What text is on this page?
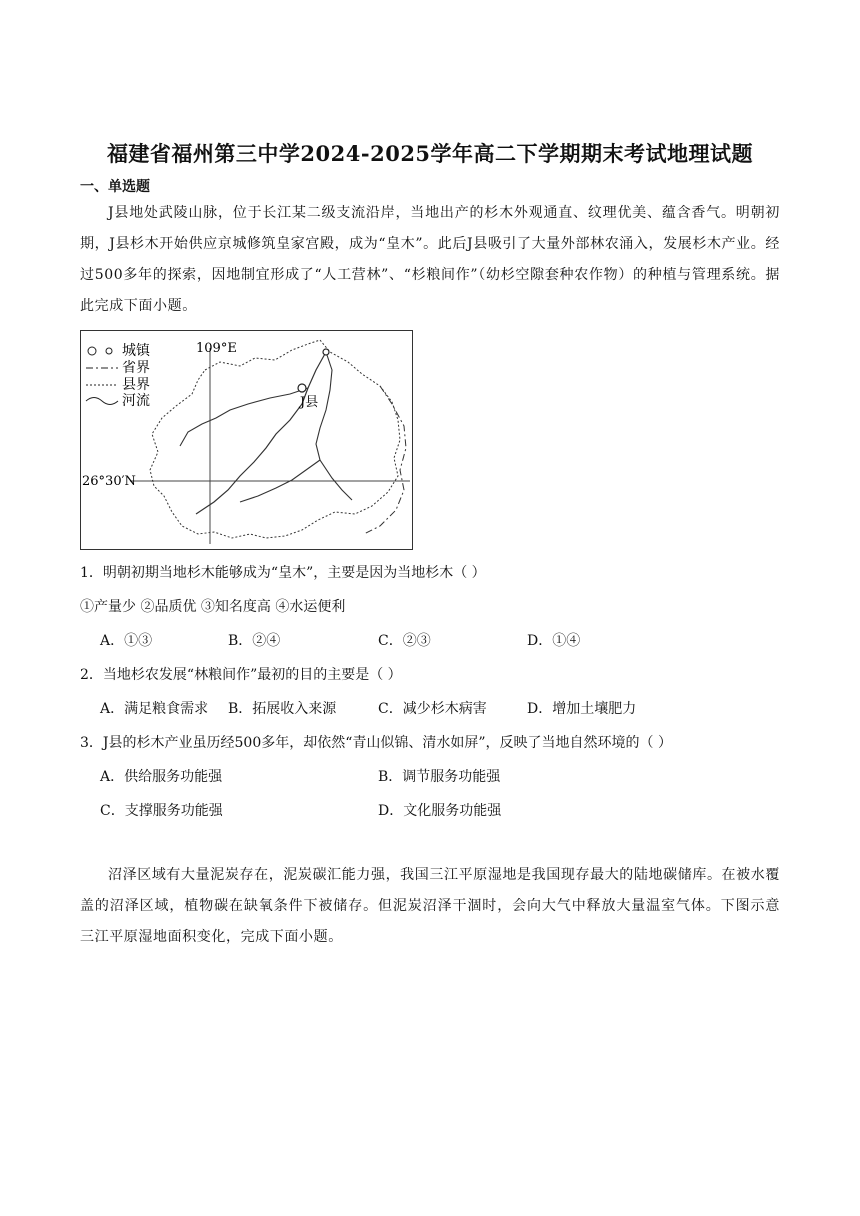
福建省福州第三中学2024-2025学年高二下学期期末考试地理试题
一、单选题
J县地处武陵山脉，位于长江某二级支流沿岸，当地出产的杉木外观通直、纹理优美、蕴含香气。明朝初期，J县杉木开始供应京城修筑皇家宫殿，成为“皇木”。此后J县吸引了大量外部林农涌入，发展杉木产业。经过500多年的探索，因地制宜形成了“人工营林”、“杉粮间作”（幼杉空隙套种农作物）的种植与管理系统。据此完成下面小题。
城镇
省界
县界
河流
109°E
26°30′N
J县
1．明朝初期当地杉木能够成为“皇木”，主要是因为当地杉木（ ）
①产量少 ②品质优 ③知名度高 ④水运便利
A．①③	B．②④	C．②③	D．①④
2．当地杉农发展“林粮间作”最初的目的主要是（ ）
A．满足粮食需求 B．拓展收入来源	C．减少杉木病害	D．增加土壤肥力
3．J县的杉木产业虽历经500多年，却依然“青山似锦、清水如屏”，反映了当地自然环境的（ ）
A．供给服务功能强	B．调节服务功能强
C．支撑服务功能强	D．文化服务功能强
沼泽区域有大量泥炭存在，泥炭碳汇能力强，我国三江平原湿地是我国现存最大的陆地碳储库。在被水覆盖的沼泽区域，植物碳在缺氧条件下被储存。但泥炭沼泽干涸时，会向大气中释放大量温室气体。下图示意三江平原湿地面积变化，完成下面小题。
